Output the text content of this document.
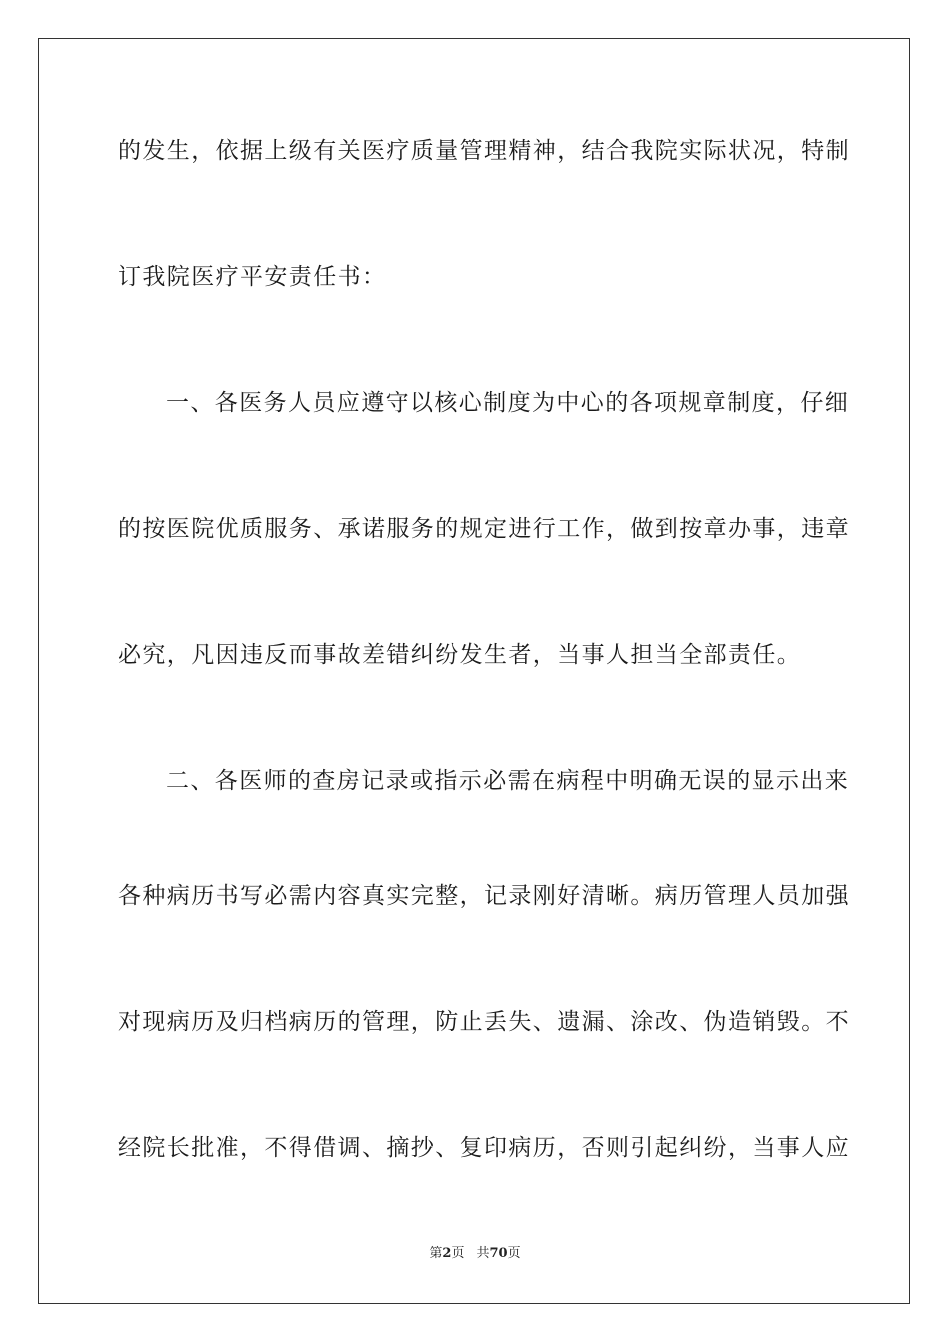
的发生，依据上级有关医疗质量管理精神，结合我院实际状况，特制
订我院医疗平安责任书：
一、各医务人员应遵守以核心制度为中心的各项规章制度，仔细
的按医院优质服务、承诺服务的规定进行工作，做到按章办事，违章
必究，凡因违反而事故差错纠纷发生者，当事人担当全部责任。
二、各医师的查房记录或指示必需在病程中明确无误的显示出来
各种病历书写必需内容真实完整，记录刚好清晰。病历管理人员加强
对现病历及归档病历的管理，防止丢失、遗漏、涂改、伪造销毁。不
经院长批准，不得借调、摘抄、复印病历，否则引起纠纷，当事人应
第2页 共70页
